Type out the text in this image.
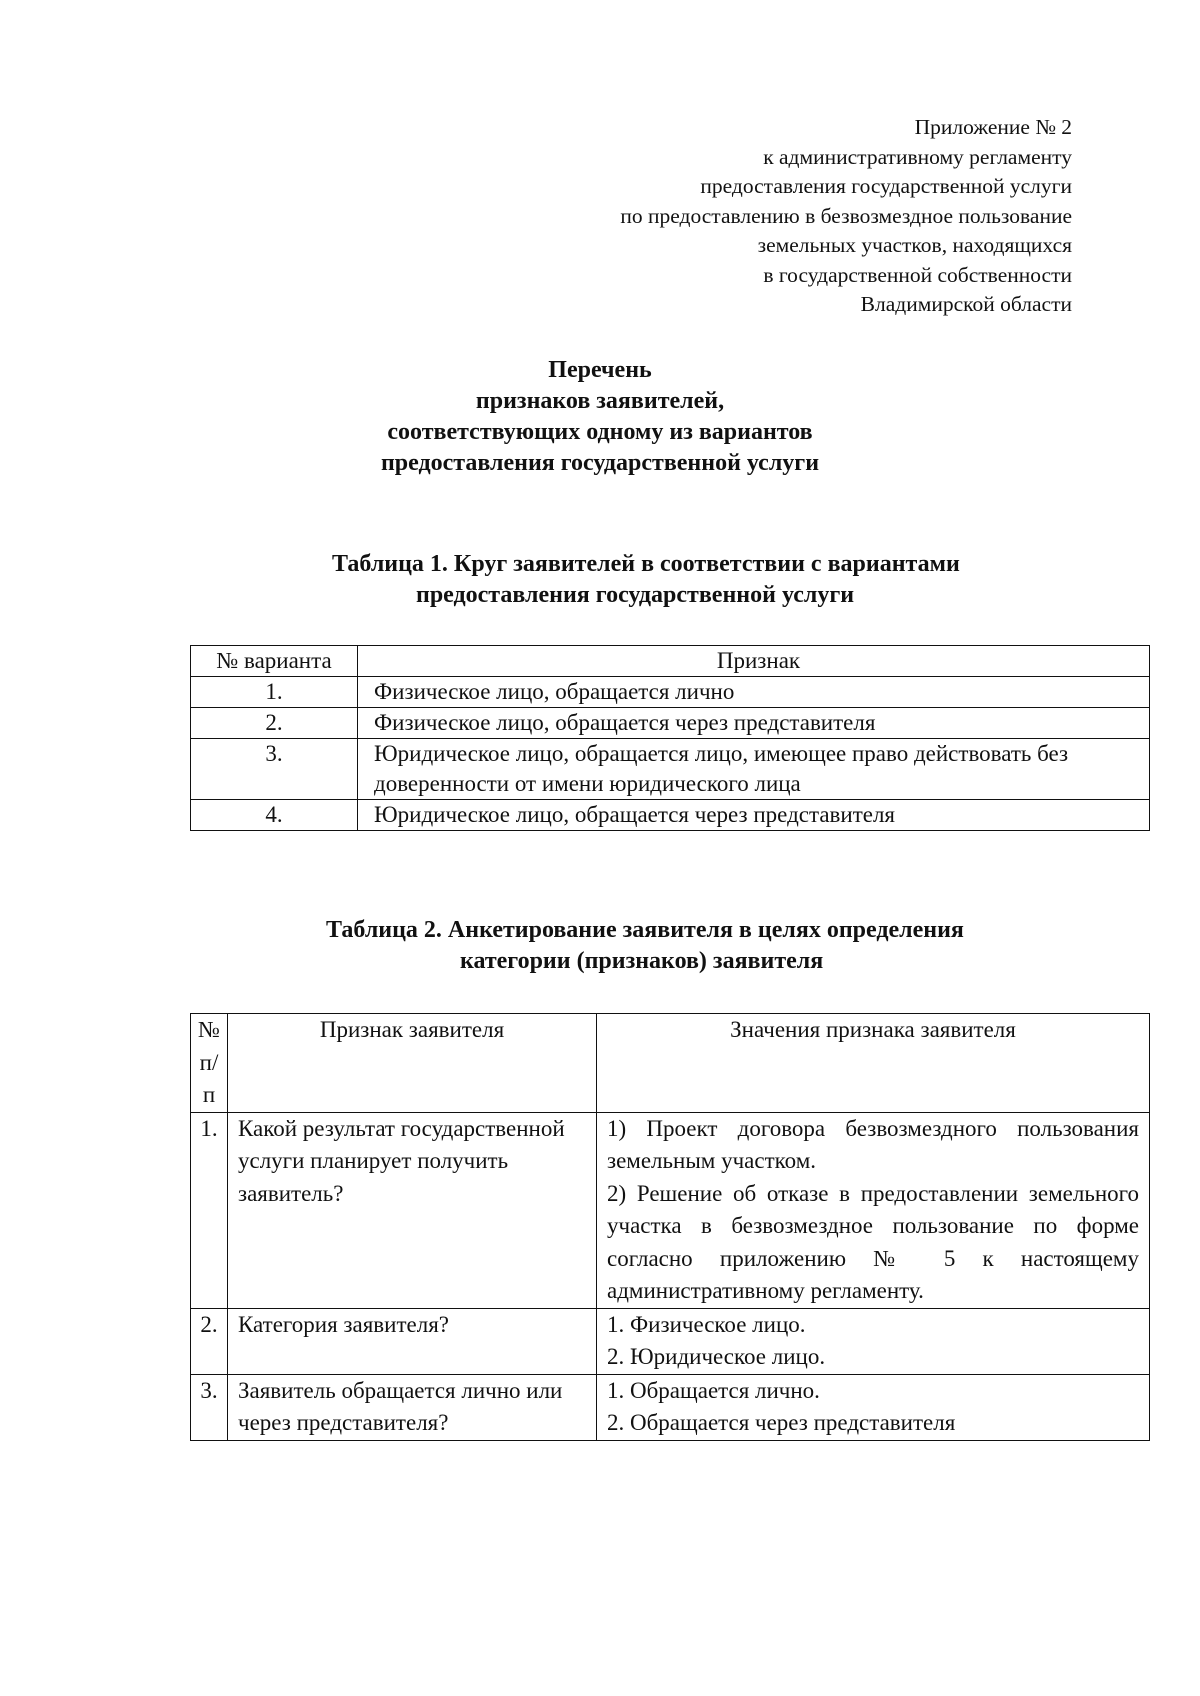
Приложение № 2
к административному регламенту
предоставления государственной услуги
по предоставлению в безвозмездное пользование
земельных участков, находящихся
в государственной собственности
Владимирской области
Перечень
признаков заявителей,
соответствующих одному из вариантов
предоставления государственной услуги
Таблица 1. Круг заявителей в соответствии с вариантами
предоставления государственной услуги
№ варианта	Признак
1.	Физическое лицо, обращается лично
2.	Физическое лицо, обращается через представителя
3.	Юридическое лицо, обращается лицо, имеющее право действовать без доверенности от имени юридического лица
4.	Юридическое лицо, обращается через представителя
Таблица 2. Анкетирование заявителя в целях определения
категории (признаков) заявителя
№ п/п	Признак заявителя	Значения признака заявителя
1.	Какой результат государственной услуги планирует получить заявитель?	1) Проект договора безвозмездного пользования земельным участком.
2) Решение об отказе в предоставлении земельного участка в безвозмездное пользование по форме согласно приложению № 5 к настоящему административному регламенту.

2.	Категория заявителя?	1. Физическое лицо.
2. Юридическое лицо.

3.	Заявитель обращается лично или через представителя?	1. Обращается лично.
2. Обращается через представителя
